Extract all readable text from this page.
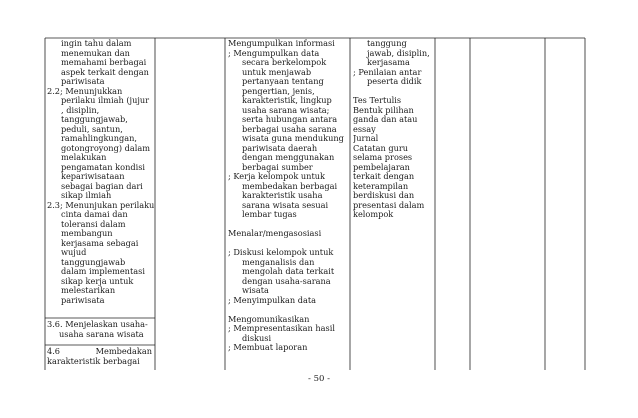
ingin tahu dalam
menemukan dan
memahami berbagai
aspek terkait dengan
pariwisata
2.2; Menunjukkan
perilaku ilmiah (jujur
, disiplin,
tanggungjawab,
peduli, santun,
ramahlingkungan,
gotongroyong) dalam
melakukan
pengamatan kondisi
kepariwisataan
sebagai bagian dari
sikap ilmiah
2.3; Menunjukan perilaku
cinta damai dan
toleransi dalam
membangun
kerjasama sebagai
wujud
tanggungjawab
dalam implementasi
sikap kerja untuk
melestarikan
pariwisata
3.6. Menjelaskan usaha-
usaha sarana wisata
4.6	Membedakan
karakteristik berbagai
Mengumpulkan informasi
; Mengumpulkan data
secara berkelompok
untuk menjawab
pertanyaan tentang
pengertian, jenis,
karakteristik, lingkup
usaha sarana wisata;
serta hubungan antara
berbagai usaha sarana
wisata guna mendukung
pariwisata daerah
dengan menggunakan
berbagai sumber
; Kerja kelompok untuk
membedakan berbagai
karakteristik usaha
sarana wisata sesuai
lembar tugas

Menalar/mengasosiasi

; Diskusi kelompok untuk
menganalisis dan
mengolah data terkait
dengan usaha-sarana
wisata
; Menyimpulkan data

Mengomunikasikan
; Mempresentasikan hasil
diskusi
; Membuat laporan
tanggung
jawab, disiplin,
kerjasama
; Penilaian antar
peserta didik

Tes Tertulis
Bentuk pilihan
ganda dan atau
essay
Jurnal
Catatan guru
selama proses
pembelajaran
terkait dengan
keterampilan
berdiskusi dan
presentasi dalam
kelompok
- 50 -
